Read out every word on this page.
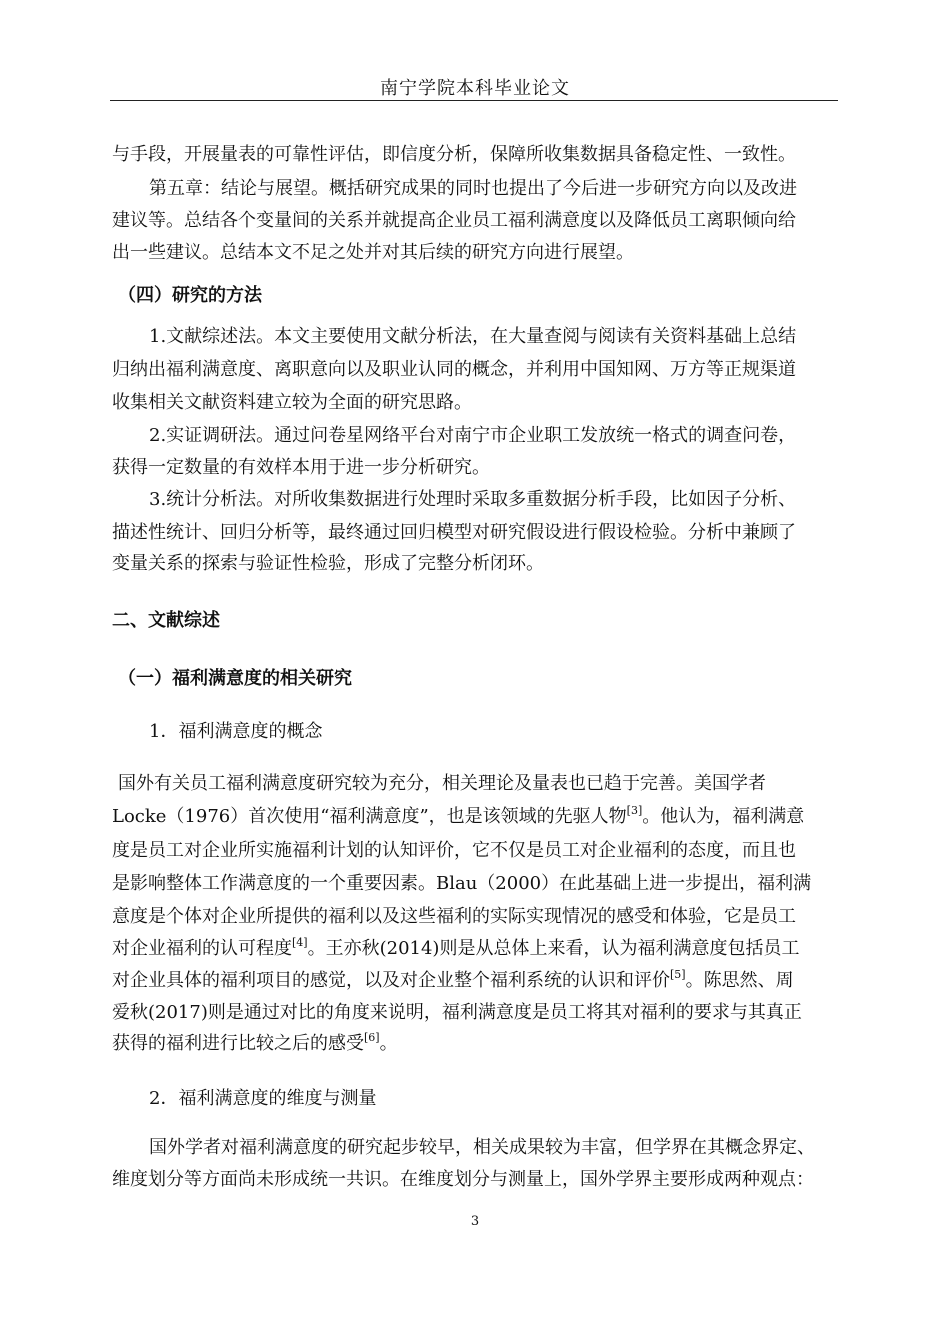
南宁学院本科毕业论文
与手段，开展量表的可靠性评估，即信度分析，保障所收集数据具备稳定性、一致性。
第五章：结论与展望。概括研究成果的同时也提出了今后进一步研究方向以及改进
建议等。总结各个变量间的关系并就提高企业员工福利满意度以及降低员工离职倾向给
出一些建议。总结本文不足之处并对其后续的研究方向进行展望。
（四）研究的方法
1.文献综述法。本文主要使用文献分析法，在大量查阅与阅读有关资料基础上总结
归纳出福利满意度、离职意向以及职业认同的概念，并利用中国知网、万方等正规渠道
收集相关文献资料建立较为全面的研究思路。
2.实证调研法。通过问卷星网络平台对南宁市企业职工发放统一格式的调查问卷，
获得一定数量的有效样本用于进一步分析研究。
3.统计分析法。对所收集数据进行处理时采取多重数据分析手段，比如因子分析、
描述性统计、回归分析等，最终通过回归模型对研究假设进行假设检验。分析中兼顾了
变量关系的探索与验证性检验，形成了完整分析闭环。
二、文献综述
（一）福利满意度的相关研究
1．福利满意度的概念
国外有关员工福利满意度研究较为充分，相关理论及量表也已趋于完善。美国学者
Locke（1976）首次使用“福利满意度”，也是该领域的先驱人物[3]。他认为，福利满意
度是员工对企业所实施福利计划的认知评价，它不仅是员工对企业福利的态度，而且也
是影响整体工作满意度的一个重要因素。Blau（2000）在此基础上进一步提出，福利满
意度是个体对企业所提供的福利以及这些福利的实际实现情况的感受和体验，它是员工
对企业福利的认可程度[4]。王亦秋(2014)则是从总体上来看，认为福利满意度包括员工
对企业具体的福利项目的感觉，以及对企业整个福利系统的认识和评价[5]。陈思然、周
爱秋(2017)则是通过对比的角度来说明，福利满意度是员工将其对福利的要求与其真正
获得的福利进行比较之后的感受[6]。
2．福利满意度的维度与测量
国外学者对福利满意度的研究起步较早，相关成果较为丰富，但学界在其概念界定、
维度划分等方面尚未形成统一共识。在维度划分与测量上，国外学界主要形成两种观点：
3
